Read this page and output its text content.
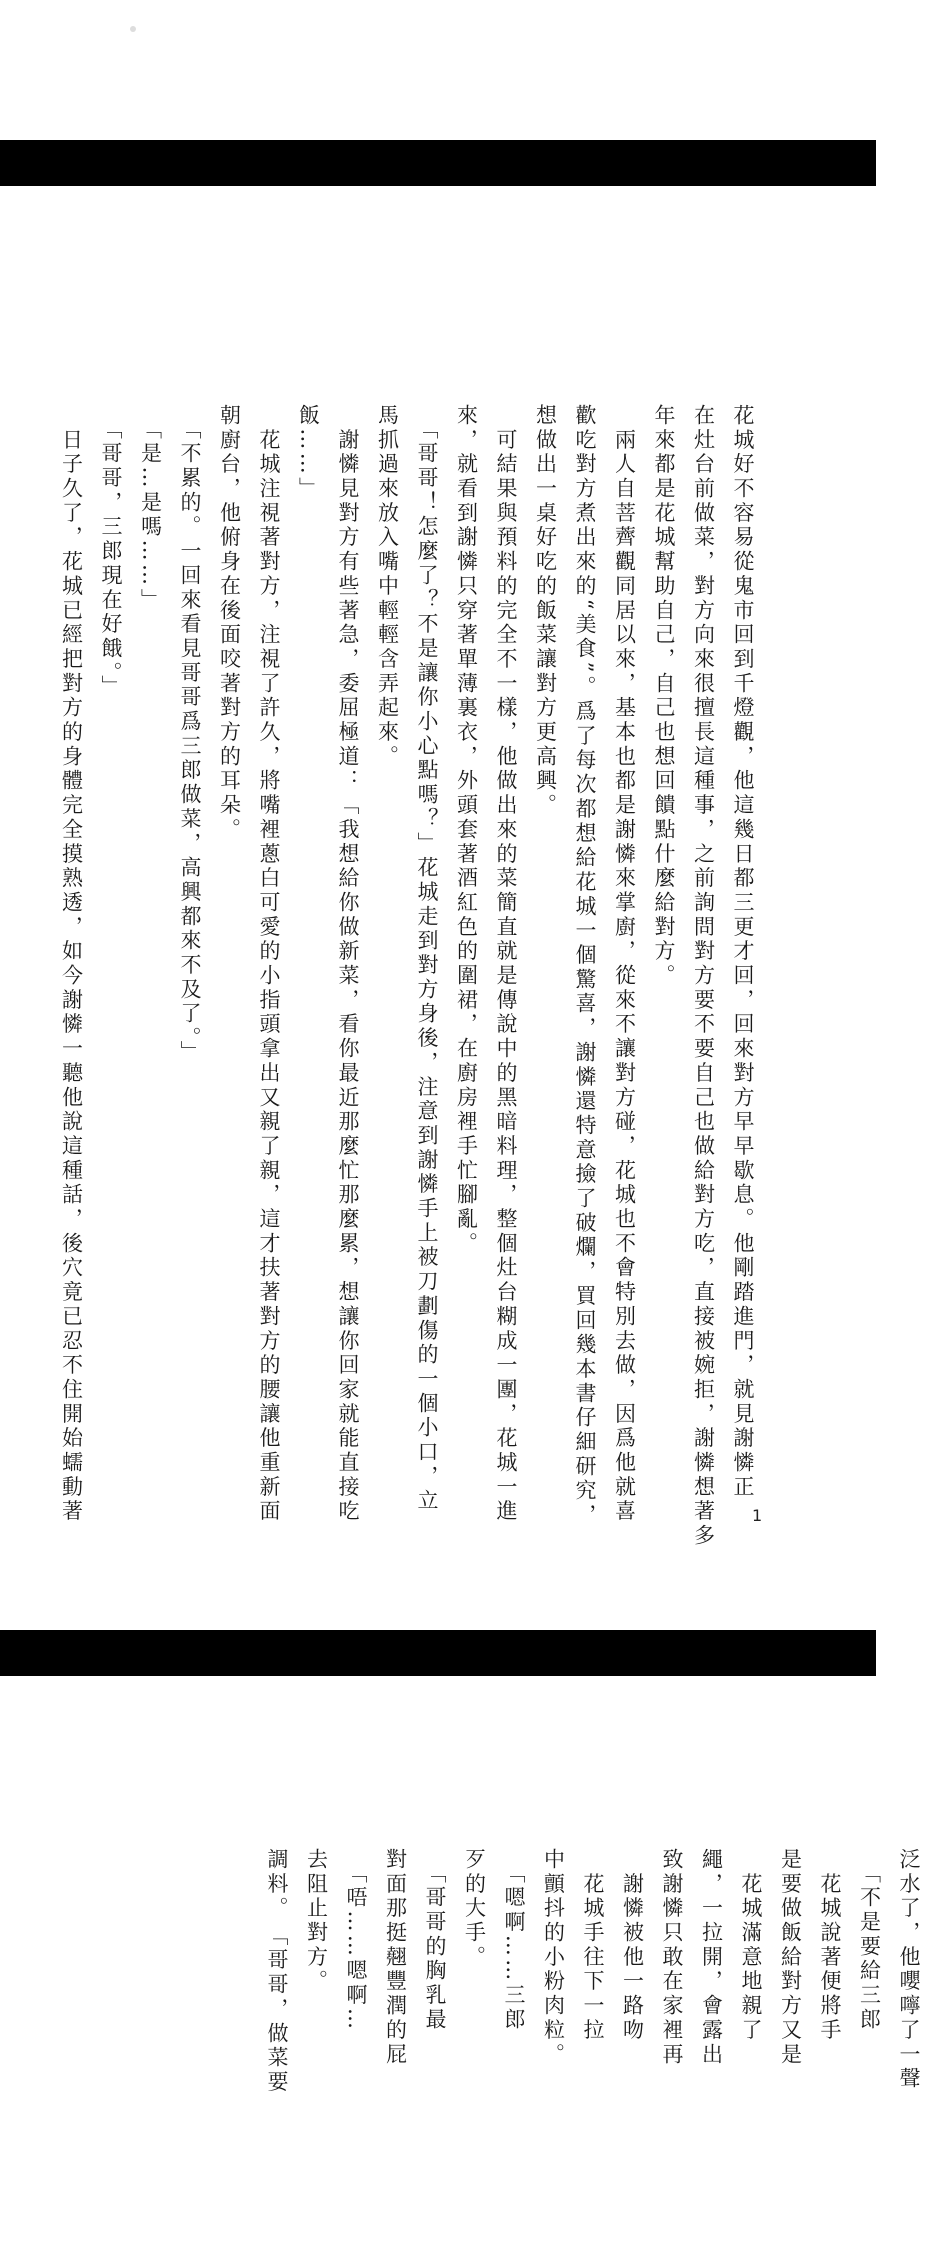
花城好不容易從鬼市回到千燈觀，他這幾日都三更才回，回來對方早早歇息。他剛踏進門，就見謝憐正

在灶台前做菜，對方向來很擅長這種事，之前詢問對方要不要自己也做給對方吃，直接被婉拒，謝憐想著多

年來都是花城幫助自己，自己也想回饋點什麼給對方。

　兩人自菩薺觀同居以來，基本也都是謝憐來掌廚，從來不讓對方碰，花城也不會特別去做，因爲他就喜

歡吃對方煮出來的“美食”。爲了每次都想給花城一個驚喜，謝憐還特意撿了破爛，買回幾本書仔細研究，

想做出一桌好吃的飯菜讓對方更高興。

　可結果與預料的完全不一樣，他做出來的菜簡直就是傳說中的黑暗料理，整個灶台糊成一團，花城一進

來，就看到謝憐只穿著單薄裏衣，外頭套著酒紅色的圍裙，在廚房裡手忙腳亂。

　「哥哥！怎麼了？不是讓你小心點嗎？」花城走到對方身後，注意到謝憐手上被刀劃傷的一個小口，立

馬抓過來放入嘴中輕輕含弄起來。

　謝憐見對方有些著急，委屈極道：「我想給你做新菜，看你最近那麼忙那麼累，想讓你回家就能直接吃

飯……」

　花城注視著對方，注視了許久，將嘴裡蔥白可愛的小指頭拿出又親了親，這才扶著對方的腰讓他重新面

朝廚台，他俯身在後面咬著對方的耳朵。

　「不累的。一回來看見哥哥爲三郎做菜，高興都來不及了。」

　「是…是嗎……」

　「哥哥，三郎現在好餓。」

　日子久了，花城已經把對方的身體完全摸熟透，如今謝憐一聽他說這種話，後穴竟已忍不住開始蠕動著	1

泛水了，他嚶嚀了一聲

　「不是要給三郎

　花城說著便將手

是要做飯給對方又是

　花城滿意地親了

繩，一拉開，會露出

致謝憐只敢在家裡再

　謝憐被他一路吻

　花城手往下一拉

中顫抖的小粉肉粒。

　「嗯啊……三郎

歹的大手。

　「哥哥的胸乳最

對面那挺翹豐潤的屁

　「唔……嗯啊…

去阻止對方。

調料。　「哥哥，做菜要
